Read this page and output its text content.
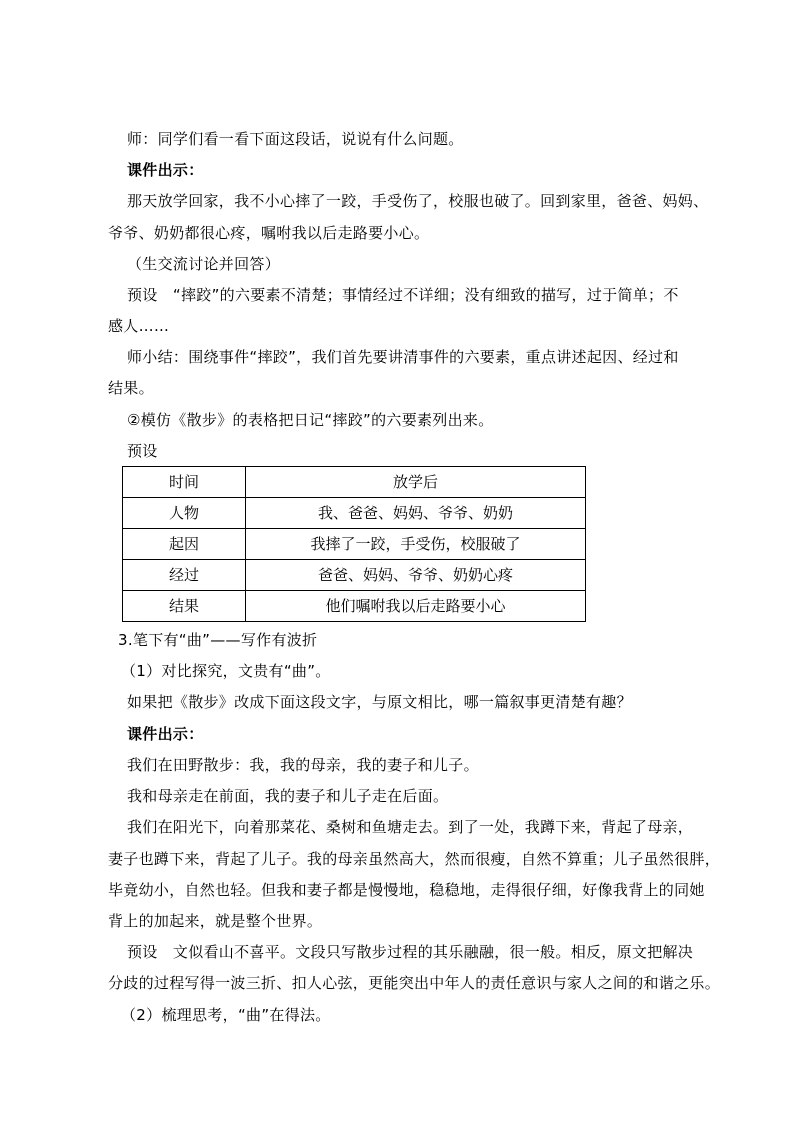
师：同学们看一看下面这段话，说说有什么问题。
课件出示：
那天放学回家，我不小心摔了一跤，手受伤了，校服也破了。回到家里，爸爸、妈妈、
爷爷、奶奶都很心疼，嘱咐我以后走路要小心。
（生交流讨论并回答）
预设　“摔跤”的六要素不清楚；事情经过不详细；没有细致的描写，过于简单；不
感人……
师小结：围绕事件“摔跤”，我们首先要讲清事件的六要素，重点讲述起因、经过和
结果。
②模仿《散步》的表格把日记“摔跤”的六要素列出来。
预设
时间	放学后
人物	我、爸爸、妈妈、爷爷、奶奶
起因	我摔了一跤，手受伤，校服破了
经过	爸爸、妈妈、爷爷、奶奶心疼
结果	他们嘱咐我以后走路要小心
3.笔下有“曲”——写作有波折
（1）对比探究，文贵有“曲”。
如果把《散步》改成下面这段文字，与原文相比，哪一篇叙事更清楚有趣？
课件出示：
我们在田野散步：我，我的母亲，我的妻子和儿子。
我和母亲走在前面，我的妻子和儿子走在后面。
我们在阳光下，向着那菜花、桑树和鱼塘走去。到了一处，我蹲下来，背起了母亲，
妻子也蹲下来，背起了儿子。我的母亲虽然高大，然而很瘦，自然不算重；儿子虽然很胖，
毕竟幼小，自然也轻。但我和妻子都是慢慢地，稳稳地，走得很仔细，好像我背上的同她
背上的加起来，就是整个世界。
预设　文似看山不喜平。文段只写散步过程的其乐融融，很一般。相反，原文把解决
分歧的过程写得一波三折、扣人心弦，更能突出中年人的责任意识与家人之间的和谐之乐。
（2）梳理思考，“曲”在得法。
